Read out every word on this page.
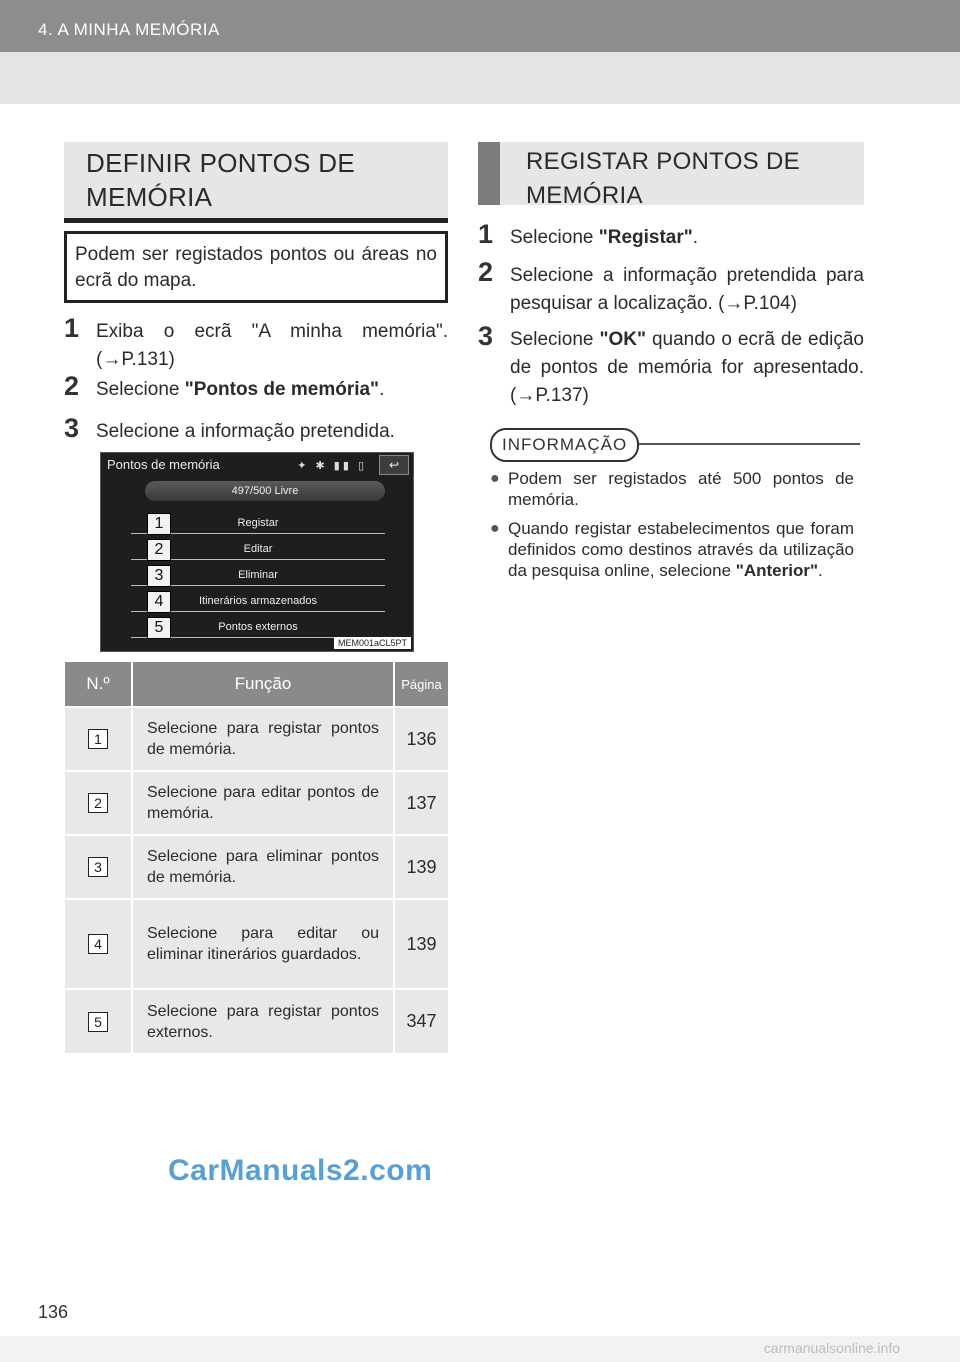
4. A MINHA MEMÓRIA
DEFINIR PONTOS DE
MEMÓRIA
Podem ser registados pontos ou áreas no ecrã do mapa.
1 Exiba o ecrã "A minha memória". (→P.131)
2 Selecione "Pontos de memória".
3 Selecione a informação pretendida.
Pontos de memória	✦ ✱ ▮▮ ▯	↩
497/500 Livre
Registar
Editar
Eliminar
Itinerários armazenados
Pontos externos
1
2
3
4
5
MEM001aCL5PT
N.º	Função	Página
1	Selecione para registar pontos de memória.	136
2	Selecione para editar pontos de memória.	137
3	Selecione para eliminar pontos de memória.	139
4	Selecione para editar ou eliminar itinerários guardados.	139
5	Selecione para registar pontos externos.	347
REGISTAR PONTOS DE
MEMÓRIA
1 Selecione "Registar".
2 Selecione a informação pretendida para pesquisar a localização. (→P.104)
3 Selecione "OK" quando o ecrã de edição de pontos de memória for apresentado. (→P.137)
INFORMAÇÃO
● Podem ser registados até 500 pontos de memória.
● Quando registar estabelecimentos que foram definidos como destinos através da utilização da pesquisa online, selecione "Anterior".
CarManuals2.com
136
carmanualsonline.info
